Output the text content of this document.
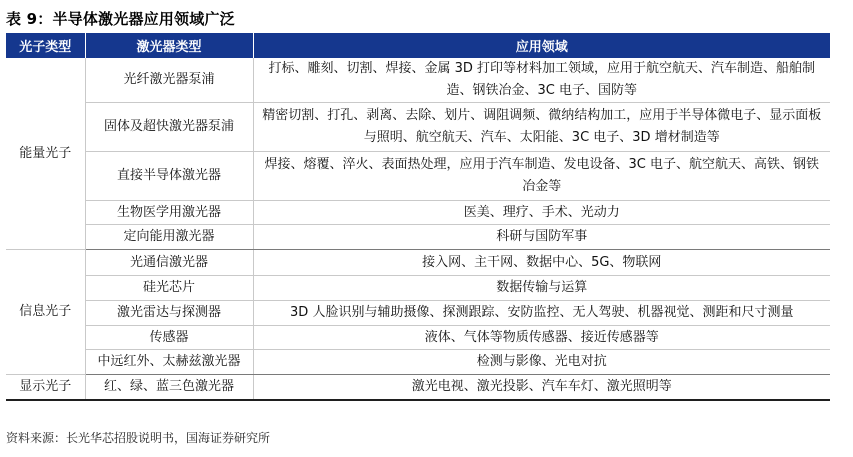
表 9：半导体激光器应用领域广泛
光子类型	激光器类型	应用领域
能量光子	光纤激光器泵浦	打标、雕刻、切割、焊接、金属 3D 打印等材料加工领域，应用于航空航天、汽车制造、船舶制造、钢铁冶金、3C 电子、国防等
	固体及超快激光器泵浦	精密切割、打孔、剥离、去除、划片、调阻调频、微纳结构加工，应用于半导体微电子、显示面板与照明、航空航天、汽车、太阳能、3C 电子、3D 增材制造等
	直接半导体激光器	焊接、熔覆、淬火、表面热处理，应用于汽车制造、发电设备、3C 电子、航空航天、高铁、钢铁冶金等
	生物医学用激光器	医美、理疗、手术、光动力
	定向能用激光器	科研与国防军事
信息光子	光通信激光器	接入网、主干网、数据中心、5G、物联网
	硅光芯片	数据传输与运算
	激光雷达与探测器	3D 人脸识别与辅助摄像、探测跟踪、安防监控、无人驾驶、机器视觉、测距和尺寸测量
	传感器	液体、气体等物质传感器、接近传感器等
	中远红外、太赫兹激光器	检测与影像、光电对抗
显示光子	红、绿、蓝三色激光器	激光电视、激光投影、汽车车灯、激光照明等
资料来源：长光华芯招股说明书，国海证券研究所
